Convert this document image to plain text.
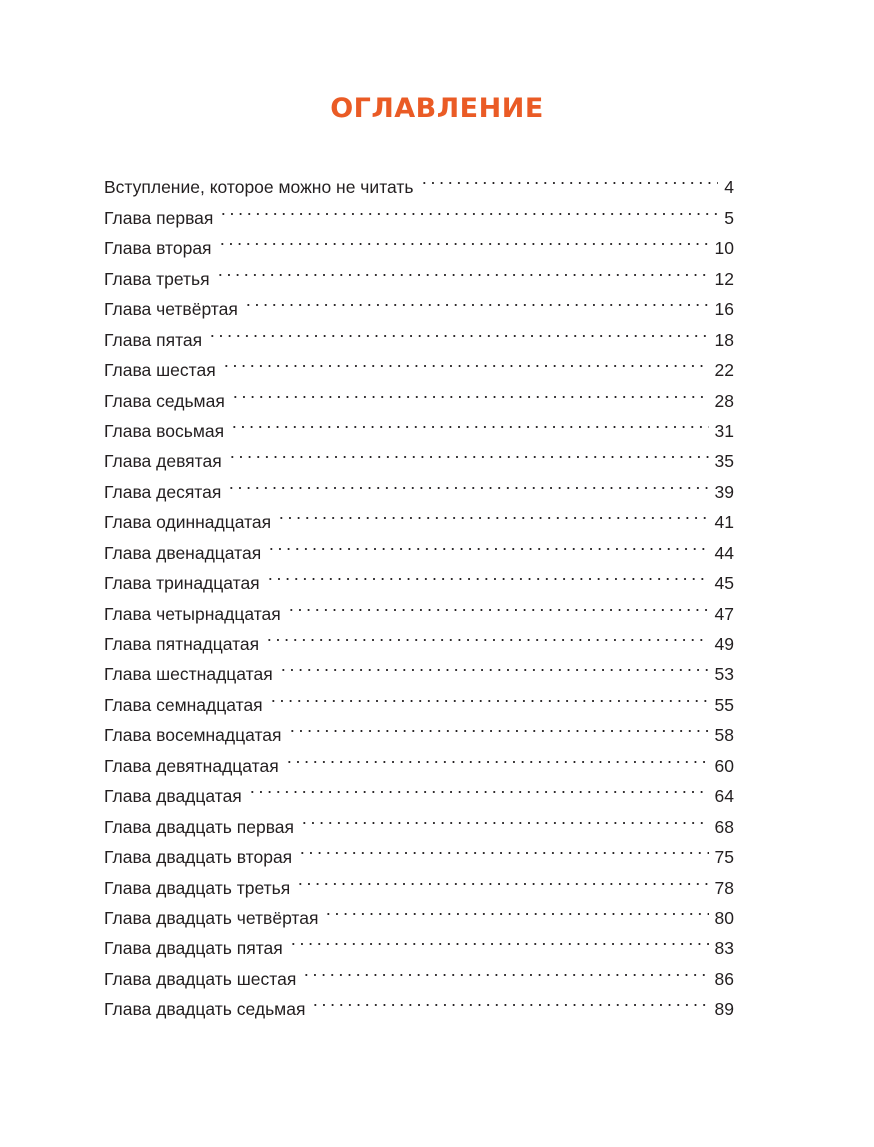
ОГЛАВЛЕНИЕ
Вступление, которое можно не читать	4
Глава первая	5
Глава вторая	10
Глава третья	12
Глава четвёртая	16
Глава пятая	18
Глава шестая	22
Глава седьмая	28
Глава восьмая	31
Глава девятая	35
Глава десятая	39
Глава одиннадцатая	41
Глава двенадцатая	44
Глава тринадцатая	45
Глава четырнадцатая	47
Глава пятнадцатая	49
Глава шестнадцатая	53
Глава семнадцатая	55
Глава восемнадцатая	58
Глава девятнадцатая	60
Глава двадцатая	64
Глава двадцать первая	68
Глава двадцать вторая	75
Глава двадцать третья	78
Глава двадцать четвёртая	80
Глава двадцать пятая	83
Глава двадцать шестая	86
Глава двадцать седьмая	89
